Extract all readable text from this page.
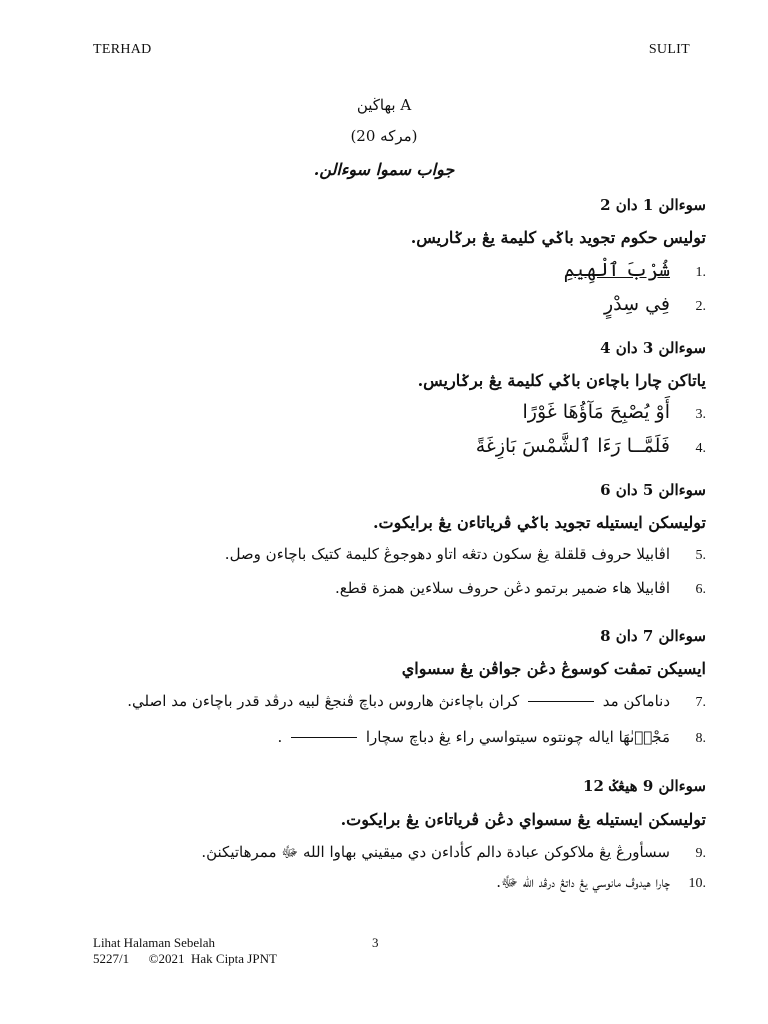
TERHAD	SULIT
بهاڬين A
(20 مركه)
جواب سموا سوءالن.
سوءالن 1 دان 2
توليس حکوم تجويد باݢي کليمة يڠ برݢاريس.
1.
شُرْبَ ٱلْهِيمِ
2.
فِي سِدْرٍ
سوءالن 3 دان 4
ياتاکن چارا باچاءن باݢي کليمة يڠ برݢاريس.
3.
أَوْ يُصْبِحَ مَآؤُهَا غَوْرًا
4.
فَلَمَّــا رَءَا ٱلشَّمْسَ بَازِغَةً
سوءالن 5 دان 6
توليسکن ايستيله تجويد باݢي ڤرياتاءن يڠ برايکوت.
5.
اڤابيلا حروف قلقلة يڠ سکون دتڠه اتاو دهوجوڠ کليمة کتيک باچاءن وصل.
6.
اڤابيلا هاء ضمير برتمو دڠن حروف سلاءين همزة قطع.
سوءالن 7 دان 8
ايسيکن تمڤت کوسوڠ دڠن جواڤن يڠ سسواي
7.
دناماکن مد  کران باچاءنڽ هاروس دباچ ڤنجڠ لبيه درڤد قدر باچاءن مد اصلي.
8.
مَجْرٖىٰهَا اياله چونتوه سيتواسي راء يڠ دباچ سچارا  .
سوءالن 9 هيڠݢ 12
توليسکن ايستيله يڠ سسواي دڠن ڤرياتاءن يڠ برايکوت.
9.
سسأورڠ يڠ ملاکوکن عبادة دالم کأداءن دي ميقيني بهاوا الله ﷻ ممرهاتيکنڽ.
10.
چارا هيدوڤ مانوسي يڠ داتڠ درڤد الله ﷻ.
Lihat Halaman Sebelah
5227/1      ©2021  Hak Cipta JPNT
3
